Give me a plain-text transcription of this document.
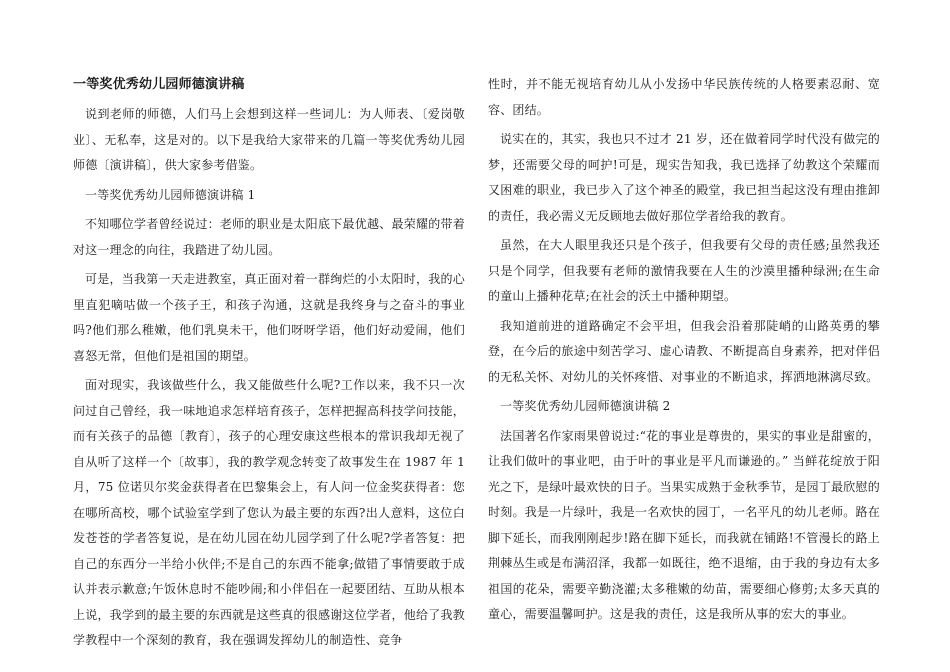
一等奖优秀幼儿园师德演讲稿

说到老师的师德，人们马上会想到这样一些词儿：为人师表、〔爱岗敬业〕、无私奉，这是对的。以下是我给大家带来的几篇一等奖优秀幼儿园师德〔演讲稿〕，供大家参考借鉴。

一等奖优秀幼儿园师德演讲稿 1

不知哪位学者曾经说过：老师的职业是太阳底下最优越、最荣耀的带着对这一理念的向往，我踏进了幼儿园。

可是，当我第一天走进教室，真正面对着一群绚烂的小太阳时，我的心里直犯嘀咕做一个孩子王，和孩子沟通，这就是我终身与之奋斗的事业吗?他们那么稚嫩，他们乳臭未干，他们呀呀学语，他们好动爱闹，他们喜怒无常，但他们是祖国的期望。

面对现实，我该做些什么，我又能做些什么呢?工作以来，我不只一次问过自己曾经，我一味地追求怎样培育孩子，怎样把握高科技学问技能，而有关孩子的品德〔教育〕，孩子的心理安康这些根本的常识我却无视了自从听了这样一个〔故事〕，我的教学观念转变了故事发生在 1987 年 1 月，75 位诺贝尔奖金获得者在巴黎集会上，有人问一位金奖获得者：您在哪所高校，哪个试验室学到了您认为最主要的东西?出人意料，这位白发苍苍的学者答复说，是在幼儿园在幼儿园学到了什么呢?学者答复：把自己的东西分一半给小伙伴;不是自己的东西不能拿;做错了事情要敢于成认并表示歉意;午饭休息时不能吵闹;和小伴侣在一起要团结、互助从根本上说，我学到的最主要的东西就是这些真的很感谢这位学者，他给了我教学教程中一个深刻的教育，我在强调发挥幼儿的制造性、竞争

性时，并不能无视培育幼儿从小发扬中华民族传统的人格要素忍耐、宽容、团结。

说实在的，其实，我也只不过才 21 岁，还在做着同学时代没有做完的梦，还需要父母的呵护!可是，现实告知我，我已选择了幼教这个荣耀而又困难的职业，我已步入了这个神圣的殿堂，我已担当起这没有理由推卸的责任，我必需义无反顾地去做好那位学者给我的教育。

虽然，在大人眼里我还只是个孩子，但我要有父母的责任感;虽然我还只是个同学，但我要有老师的激情我要在人生的沙漠里播种绿洲;在生命的童山上播种花草;在社会的沃土中播种期望。

我知道前进的道路确定不会平坦，但我会沿着那陡峭的山路英勇的攀登，在今后的旅途中刻苦学习、虚心请教、不断提高自身素养，把对伴侣的无私关怀、对幼儿的关怀疼惜、对事业的不断追求，挥洒地淋漓尽致。

一等奖优秀幼儿园师德演讲稿 2

法国著名作家雨果曾说过:“花的事业是尊贵的，果实的事业是甜蜜的，让我们做叶的事业吧，由于叶的事业是平凡而谦逊的。” 当鲜花绽放于阳光之下，是绿叶最欢快的日子。当果实成熟于金秋季节，是园丁最欣慰的时刻。我是一片绿叶，我是一名欢快的园丁，一名平凡的幼儿老师。路在脚下延长，而我刚刚起步!路在脚下延长，而我就在铺路!不管漫长的路上荆棘丛生或是布满沼泽，我都一如既往，绝不退缩，由于我的身边有太多祖国的花朵，需要辛勤浇灌;太多稚嫩的幼苗，需要细心修剪;太多天真的童心，需要温馨呵护。这是我的责任，这是我所从事的宏大的事业。
